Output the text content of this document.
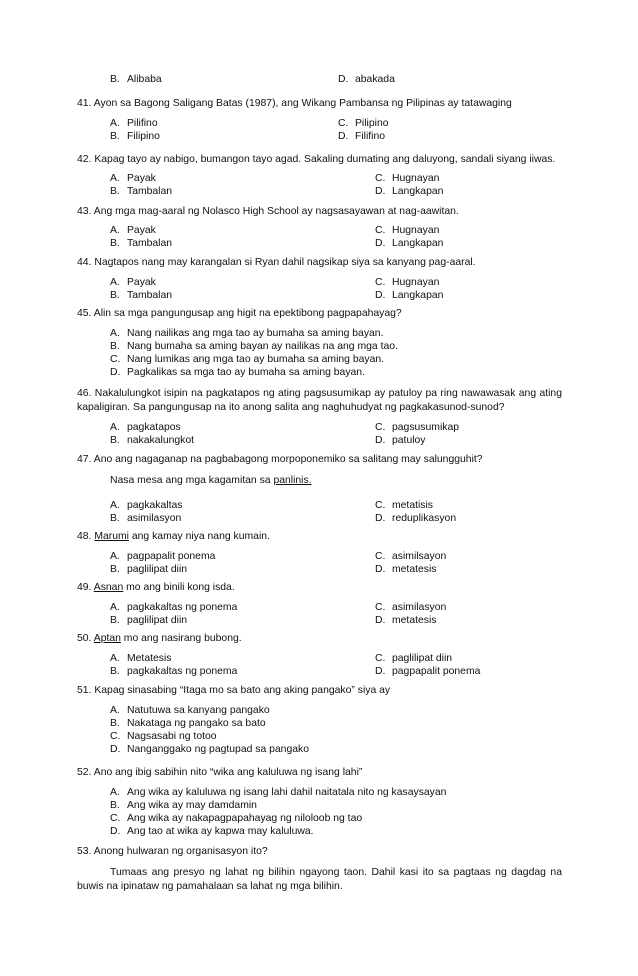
B. Alibaba	D. abakada
41. Ayon sa Bagong Saligang Batas (1987), ang Wikang Pambansa ng Pilipinas ay tatawaging
A. Pilifino	C. Pilipino
B. Filipino	D. Filifino
42. Kapag tayo ay nabigo, bumangon tayo agad. Sakaling dumating ang daluyong, sandali siyang iiwas.
A. Payak	C. Hugnayan
B. Tambalan	D. Langkapan
43. Ang mga mag-aaral ng Nolasco High School ay nagsasayawan at nag-aawitan.
A. Payak	C. Hugnayan
B. Tambalan	D. Langkapan
44. Nagtapos nang may karangalan si Ryan dahil nagsikap siya sa kanyang pag-aaral.
A. Payak	C. Hugnayan
B. Tambalan	D. Langkapan
45. Alin sa mga pangungusap ang higit na epektibong pagpapahayag?
A. Nang nailikas ang mga tao ay bumaha sa aming bayan.
B. Nang bumaha sa aming bayan ay nailikas na ang mga tao.
C. Nang lumikas ang mga tao ay bumaha sa aming bayan.
D. Pagkalikas sa mga tao ay bumaha sa aming bayan.
46. Nakalulungkot isipin na pagkatapos ng ating pagsusumikap ay patuloy pa ring nawawasak ang ating
kapaligiran. Sa pangungusap na ito anong salita ang naghuhudyat ng pagkakasunod-sunod?
A. pagkatapos	C. pagsusumikap
B. nakakalungkot	D. patuloy
47. Ano ang nagaganap na pagbabagong morpoponemiko sa salitang may salungguhit?
Nasa mesa ang mga kagamitan sa panlinis.
A. pagkakaltas	C. metatisis
B. asimilasyon	D. reduplikasyon
48. Marumi ang kamay niya nang kumain.
A. pagpapalit ponema	C. asimilsayon
B. paglilipat diin	D. metatesis
49. Asnan mo ang binili kong isda.
A. pagkakaltas ng ponema	C. asimilasyon
B. paglilipat diin	D. metatesis
50. Aptan mo ang nasirang bubong.
A. Metatesis	C. paglilipat diin
B. pagkakaltas ng ponema	D. pagpapalit ponema
51. Kapag sinasabing “Itaga mo sa bato ang aking pangako” siya ay
A. Natutuwa sa kanyang pangako
B. Nakataga ng pangako sa bato
C. Nagsasabi ng totoo
D. Nanganggako ng pagtupad sa pangako
52. Ano ang ibig sabihin nito “wika ang kaluluwa ng isang lahi”
A. Ang wika ay kaluluwa ng isang lahi dahil naitatala nito ng kasaysayan
B. Ang wika ay may damdamin
C. Ang wika ay nakapagpapahayag ng niloloob ng tao
D. Ang tao at wika ay kapwa may kaluluwa.
53. Anong hulwaran ng organisasyon ito?
Tumaas ang presyo ng lahat ng bilihin ngayong taon. Dahil kasi ito sa pagtaas ng dagdag na
buwis na ipinataw ng pamahalaan sa lahat ng mga bilihin.
